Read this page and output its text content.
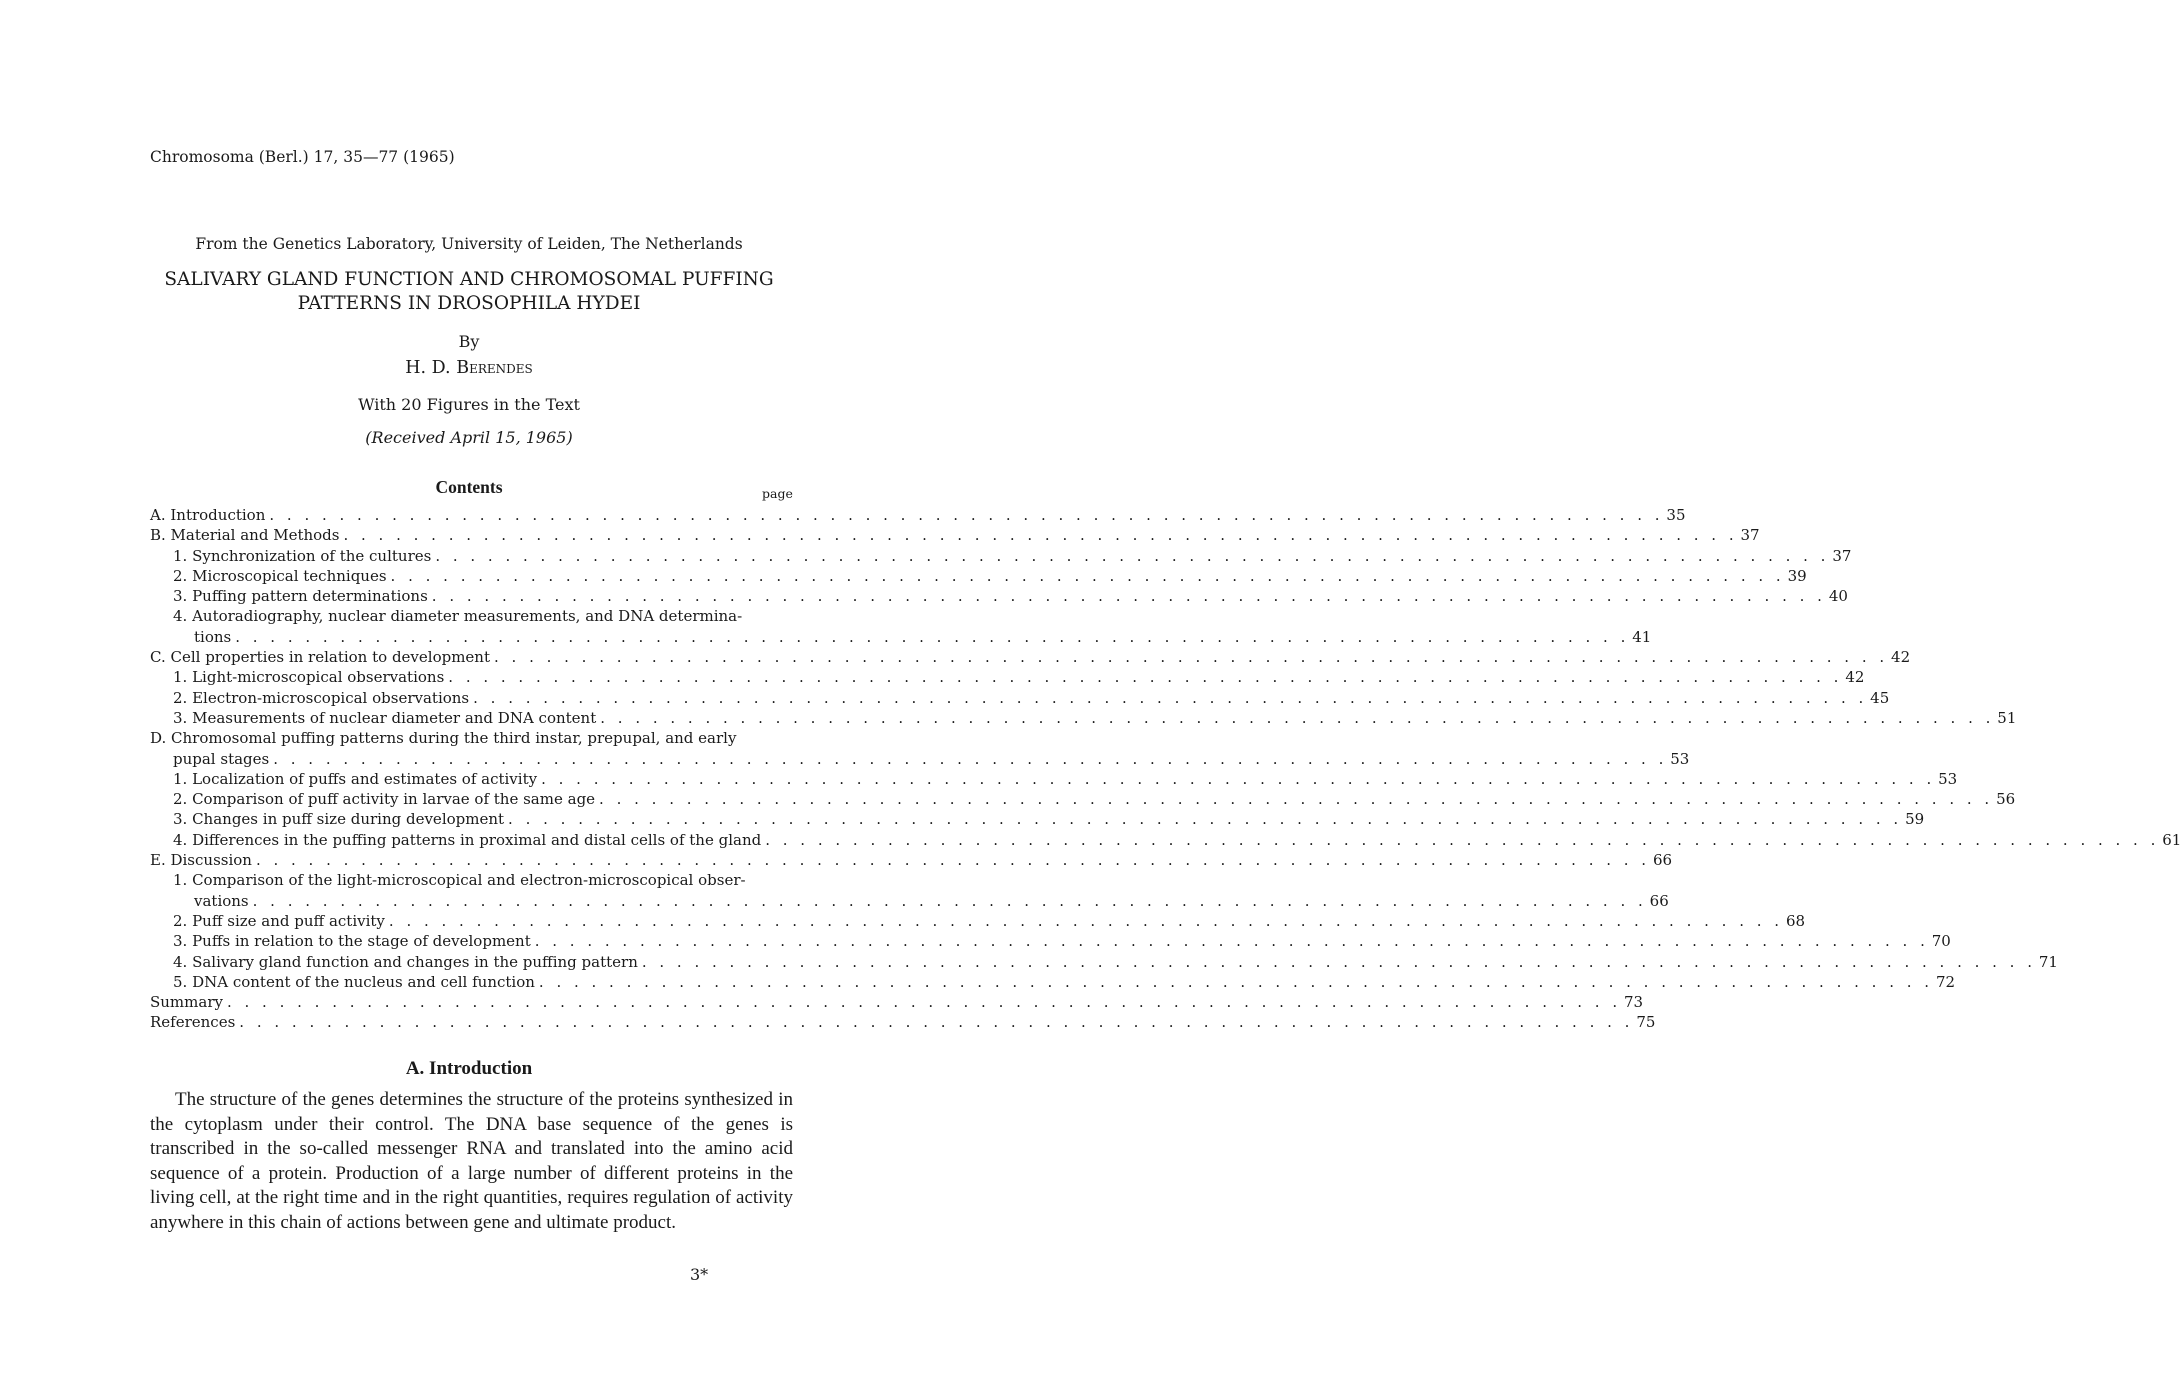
Chromosoma (Berl.) 17, 35—77 (1965)
From the Genetics Laboratory, University of Leiden, The Netherlands
SALIVARY GLAND FUNCTION AND CHROMOSOMAL PUFFING
PATTERNS IN DROSOPHILA HYDEI
By
H. D. Berendes
With 20 Figures in the Text
(Received April 15, 1965)
Contents	page
A. Introduction . . . . . . . . . . . . . . . . . . . . . . . . . . . . . . . . . . . . . . . . . . . . . . . . . . . . . . . . . . . . . . . . . . . . . . . . . . . . . . . . 35
B. Material and Methods . . . . . . . . . . . . . . . . . . . . . . . . . . . . . . . . . . . . . . . . . . . . . . . . . . . . . . . . . . . . . . . . . . . . . . . . . . . . . . . . 37
1. Synchronization of the cultures . . . . . . . . . . . . . . . . . . . . . . . . . . . . . . . . . . . . . . . . . . . . . . . . . . . . . . . . . . . . . . . . . . . . . . . . . . . . . . . . 37
2. Microscopical techniques . . . . . . . . . . . . . . . . . . . . . . . . . . . . . . . . . . . . . . . . . . . . . . . . . . . . . . . . . . . . . . . . . . . . . . . . . . . . . . . . 39
3. Puffing pattern determinations . . . . . . . . . . . . . . . . . . . . . . . . . . . . . . . . . . . . . . . . . . . . . . . . . . . . . . . . . . . . . . . . . . . . . . . . . . . . . . . . 40
4. Autoradiography, nuclear diameter measurements, and DNA determina-
tions . . . . . . . . . . . . . . . . . . . . . . . . . . . . . . . . . . . . . . . . . . . . . . . . . . . . . . . . . . . . . . . . . . . . . . . . . . . . . . . . 41
C. Cell properties in relation to development . . . . . . . . . . . . . . . . . . . . . . . . . . . . . . . . . . . . . . . . . . . . . . . . . . . . . . . . . . . . . . . . . . . . . . . . . . . . . . . . 42
1. Light-microscopical observations . . . . . . . . . . . . . . . . . . . . . . . . . . . . . . . . . . . . . . . . . . . . . . . . . . . . . . . . . . . . . . . . . . . . . . . . . . . . . . . . 42
2. Electron-microscopical observations . . . . . . . . . . . . . . . . . . . . . . . . . . . . . . . . . . . . . . . . . . . . . . . . . . . . . . . . . . . . . . . . . . . . . . . . . . . . . . . . 45
3. Measurements of nuclear diameter and DNA content . . . . . . . . . . . . . . . . . . . . . . . . . . . . . . . . . . . . . . . . . . . . . . . . . . . . . . . . . . . . . . . . . . . . . . . . . . . . . . . . 51
D. Chromosomal puffing patterns during the third instar, prepupal, and early
pupal stages . . . . . . . . . . . . . . . . . . . . . . . . . . . . . . . . . . . . . . . . . . . . . . . . . . . . . . . . . . . . . . . . . . . . . . . . . . . . . . . . 53
1. Localization of puffs and estimates of activity . . . . . . . . . . . . . . . . . . . . . . . . . . . . . . . . . . . . . . . . . . . . . . . . . . . . . . . . . . . . . . . . . . . . . . . . . . . . . . . . 53
2. Comparison of puff activity in larvae of the same age . . . . . . . . . . . . . . . . . . . . . . . . . . . . . . . . . . . . . . . . . . . . . . . . . . . . . . . . . . . . . . . . . . . . . . . . . . . . . . . . 56
3. Changes in puff size during development . . . . . . . . . . . . . . . . . . . . . . . . . . . . . . . . . . . . . . . . . . . . . . . . . . . . . . . . . . . . . . . . . . . . . . . . . . . . . . . . 59
4. Differences in the puffing patterns in proximal and distal cells of the gland . . . . . . . . . . . . . . . . . . . . . . . . . . . . . . . . . . . . . . . . . . . . . . . . . . . . . . . . . . . . . . . . . . . . . . . . . . . . . . . . 61
E. Discussion . . . . . . . . . . . . . . . . . . . . . . . . . . . . . . . . . . . . . . . . . . . . . . . . . . . . . . . . . . . . . . . . . . . . . . . . . . . . . . . . 66
1. Comparison of the light-microscopical and electron-microscopical obser-
vations . . . . . . . . . . . . . . . . . . . . . . . . . . . . . . . . . . . . . . . . . . . . . . . . . . . . . . . . . . . . . . . . . . . . . . . . . . . . . . . . 66
2. Puff size and puff activity . . . . . . . . . . . . . . . . . . . . . . . . . . . . . . . . . . . . . . . . . . . . . . . . . . . . . . . . . . . . . . . . . . . . . . . . . . . . . . . . 68
3. Puffs in relation to the stage of development . . . . . . . . . . . . . . . . . . . . . . . . . . . . . . . . . . . . . . . . . . . . . . . . . . . . . . . . . . . . . . . . . . . . . . . . . . . . . . . . 70
4. Salivary gland function and changes in the puffing pattern . . . . . . . . . . . . . . . . . . . . . . . . . . . . . . . . . . . . . . . . . . . . . . . . . . . . . . . . . . . . . . . . . . . . . . . . . . . . . . . . 71
5. DNA content of the nucleus and cell function . . . . . . . . . . . . . . . . . . . . . . . . . . . . . . . . . . . . . . . . . . . . . . . . . . . . . . . . . . . . . . . . . . . . . . . . . . . . . . . . 72
Summary . . . . . . . . . . . . . . . . . . . . . . . . . . . . . . . . . . . . . . . . . . . . . . . . . . . . . . . . . . . . . . . . . . . . . . . . . . . . . . . . 73
References . . . . . . . . . . . . . . . . . . . . . . . . . . . . . . . . . . . . . . . . . . . . . . . . . . . . . . . . . . . . . . . . . . . . . . . . . . . . . . . . 75
A. Introduction

The structure of the genes determines the structure of the proteins synthesized in the cytoplasm under their control. The DNA base sequence of the genes is transcribed in the so-called messenger RNA and translated into the amino acid sequence of a protein. Production of a large number of different proteins in the living cell, at the right time and in the right quantities, requires regulation of activity anywhere in this chain of actions between gene and ultimate product.

3*
